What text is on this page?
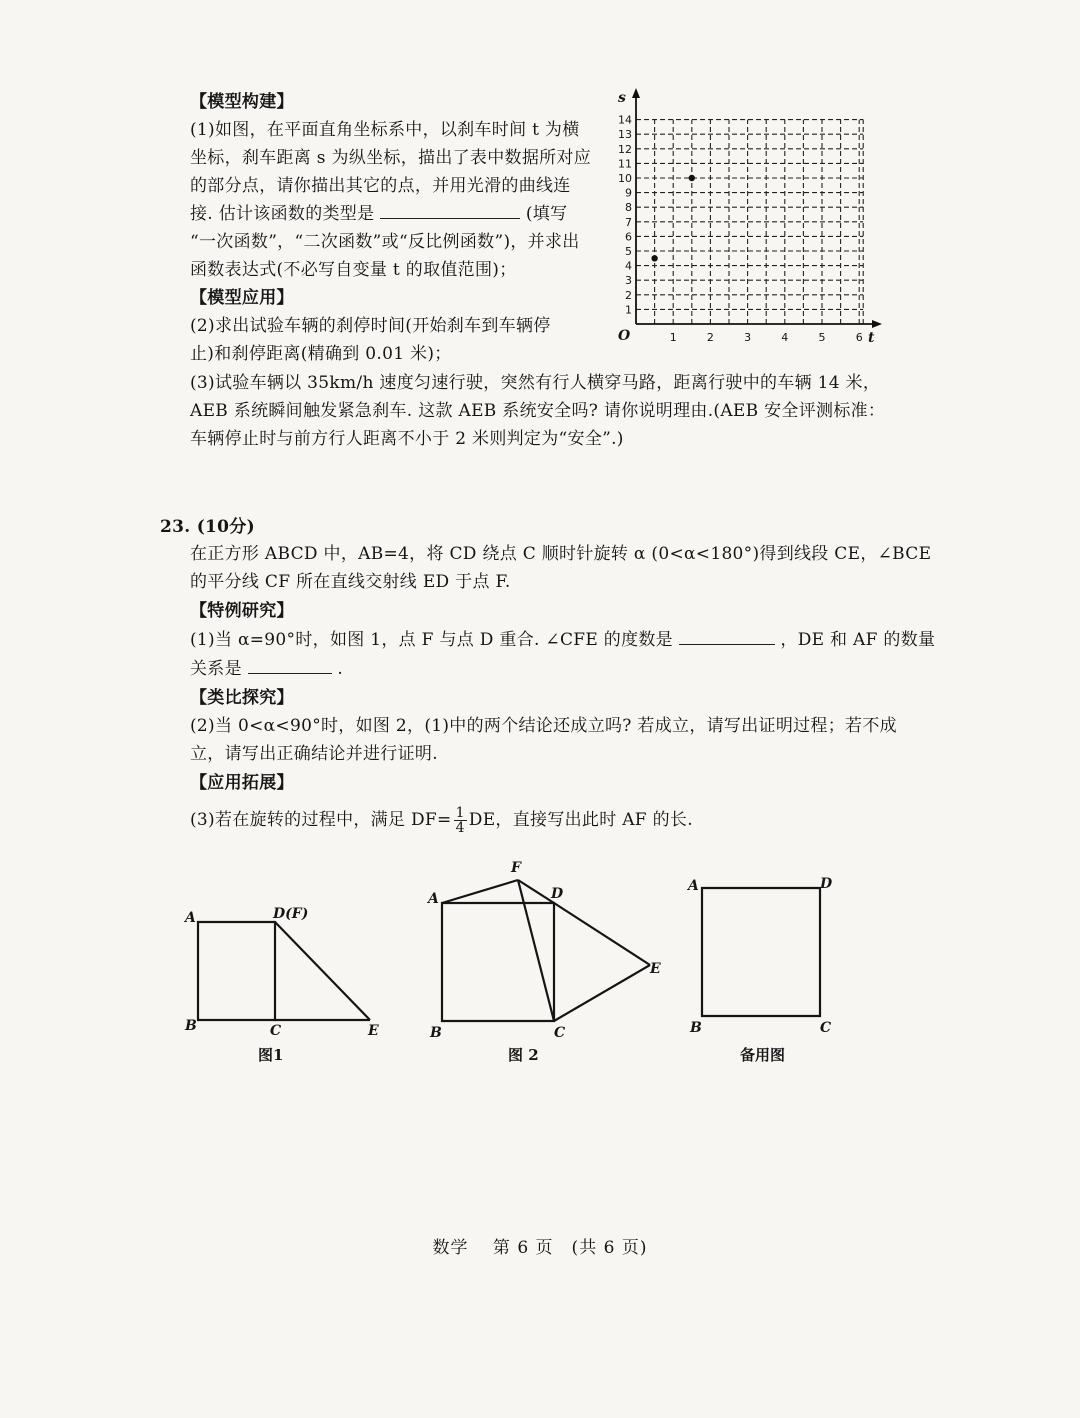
【模型构建】
(1)如图，在平面直角坐标系中，以刹车时间 t 为横
坐标，刹车距离 s 为纵坐标，描出了表中数据所对应
的部分点，请你描出其它的点，并用光滑的曲线连
接. 估计该函数的类型是	(填写
“一次函数”，“二次函数”或“反比例函数”)，并求出
函数表达式(不必写自变量 t 的取值范围)；
【模型应用】
(2)求出试验车辆的刹停时间(开始刹车到车辆停
止)和刹停距离(精确到 0.01 米)；
(3)试验车辆以 35km/h 速度匀速行驶，突然有行人横穿马路，距离行驶中的车辆 14 米，
AEB 系统瞬间触发紧急刹车. 这款 AEB 系统安全吗? 请你说明理由.(AEB 安全评测标准：
车辆停止时与前方行人距离不小于 2 米则判定为“安全”.)
1
2
3
4
5
6
7
8
9
10
11
12
13
14
1	2	3	4	5	6
s
t
O
23. (10分)
在正方形 ABCD 中，AB=4，将 CD 绕点 C 顺时针旋转 α (0<α<180°)得到线段 CE，∠BCE
的平分线 CF 所在直线交射线 ED 于点 F.
【特例研究】
(1)当 α=90°时，如图 1，点 F 与点 D 重合. ∠CFE 的度数是	，DE 和 AF 的数量
关系是	.
【类比探究】
(2)当 0<α<90°时，如图 2，(1)中的两个结论还成立吗? 若成立，请写出证明过程；若不成
立，请写出正确结论并进行证明.
【应用拓展】
(3)若在旋转的过程中，满足 $DF= \frac{1}{4}$ DE，直接写出此时 AF 的长.
A
B	C
D(F)
E
图1
A
B	C
D
E
F
图 2
A
B	C
D
备用图
数学　 第 6 页　(共 6 页)
